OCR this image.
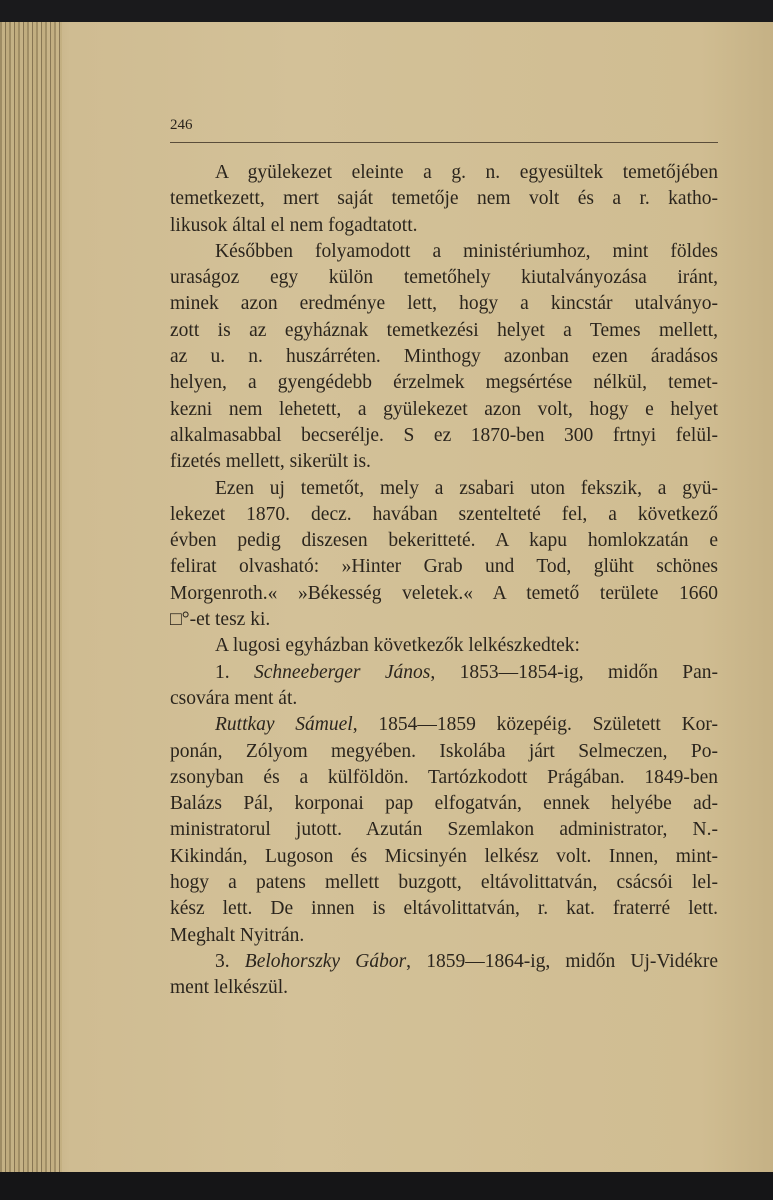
246
A gyülekezet eleinte a g. n. egyesültek temetőjében
temetkezett, mert saját temetője nem volt és a r. katho-
likusok által el nem fogadtatott.
Későbben folyamodott a ministériumhoz, mint földes
uraságoz egy külön temetőhely kiutalványozása iránt,
minek azon eredménye lett, hogy a kincstár utalványo-
zott is az egyháznak temetkezési helyet a Temes mellett,
az u. n. huszárréten. Minthogy azonban ezen áradásos
helyen, a gyengédebb érzelmek megsértése nélkül, temet-
kezni nem lehetett, a gyülekezet azon volt, hogy e helyet
alkalmasabbal becserélje. S ez 1870-ben 300 frtnyi felül-
fizetés mellett, sikerült is.
Ezen uj temetőt, mely a zsabari uton fekszik, a gyü-
lekezet 1870. decz. havában szentelteté fel, a következő
évben pedig diszesen bekeritteté. A kapu homlokzatán e
felirat olvasható: »Hinter Grab und Tod, glüht schönes
Morgenroth.« »Békesség veletek.« A temető területe 1660
□°-et tesz ki.
A lugosi egyházban következők lelkészkedtek:
1. Schneeberger János, 1853—1854-ig, midőn Pan-
csovára ment át.
Ruttkay Sámuel, 1854—1859 közepéig. Született Kor-
ponán, Zólyom megyében. Iskolába járt Selmeczen, Po-
zsonyban és a külföldön. Tartózkodott Prágában. 1849-ben
Balázs Pál, korponai pap elfogatván, ennek helyébe ad-
ministratorul jutott. Azután Szemlakon administrator, N.-
Kikindán, Lugoson és Micsinyén lelkész volt. Innen, mint-
hogy a patens mellett buzgott, eltávolittatván, csácsói lel-
kész lett. De innen is eltávolittatván, r. kat. fraterré lett.
Meghalt Nyitrán.
3. Belohorszky Gábor, 1859—1864-ig, midőn Uj-Vidékre
ment lelkészül.
